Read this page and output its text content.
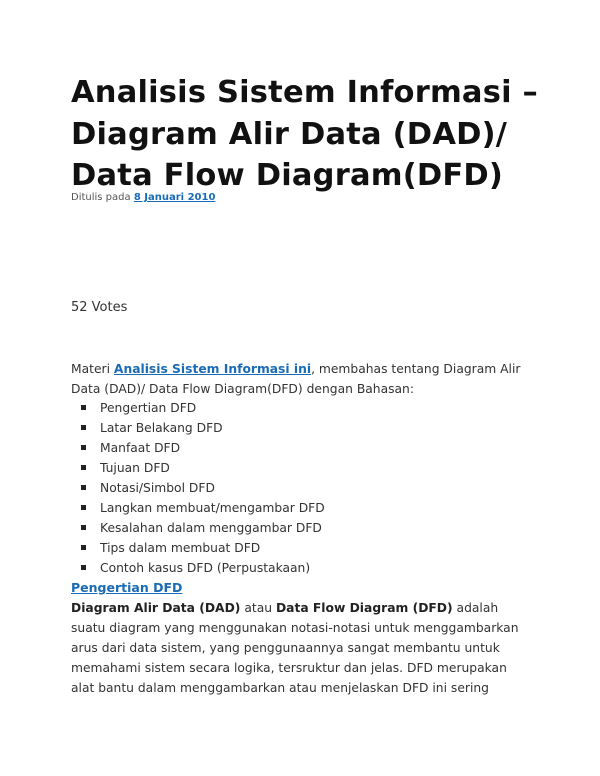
Analisis Sistem Informasi – Diagram Alir Data (DAD)/ Data Flow Diagram(DFD)
Ditulis pada 8 Januari 2010
52 Votes

Materi Analisis Sistem Informasi ini, membahas tentang Diagram Alir Data (DAD)/ Data Flow Diagram(DFD) dengan Bahasan:

Pengertian DFD
Latar Belakang DFD
Manfaat DFD
Tujuan DFD
Notasi/Simbol DFD
Langkan membuat/mengambar DFD
Kesalahan dalam menggambar DFD
Tips dalam membuat DFD
Contoh kasus DFD (Perpustakaan)
Pengertian DFD

Diagram Alir Data (DAD) atau Data Flow Diagram (DFD) adalah suatu diagram yang menggunakan notasi-notasi untuk menggambarkan arus dari data sistem, yang penggunaannya sangat membantu untuk memahami sistem secara logika, tersruktur dan jelas. DFD merupakan alat bantu dalam menggambarkan atau menjelaskan DFD ini sering
